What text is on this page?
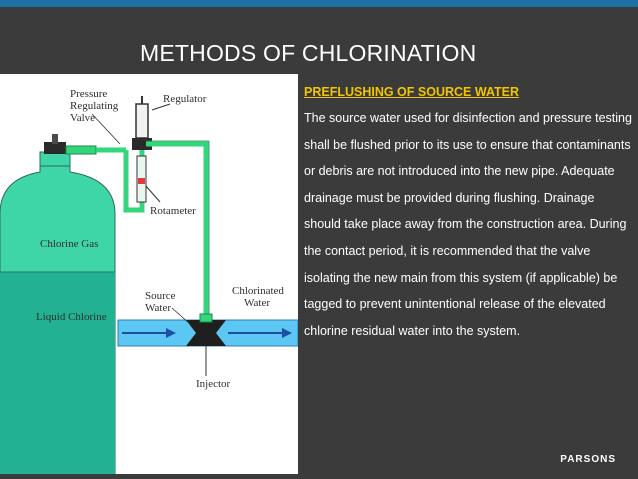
METHODS OF CHLORINATION
Pressure
Regulating
Valve
Regulator
Rotameter
Chlorine Gas
Liquid Chlorine
Source
Water
Chlorinated
Water
Injector
PREFLUSHING OF SOURCE WATER
The source water used for disinfection and pressure testing shall be flushed prior to its use to ensure that contaminants or debris are not introduced into the new pipe. Adequate drainage must be provided during flushing. Drainage should take place away from the construction area. During the contact period, it is recommended that the valve isolating the new main from this system (if applicable) be tagged to prevent unintentional release of the elevated chlorine residual water into the system.
PARSONS
